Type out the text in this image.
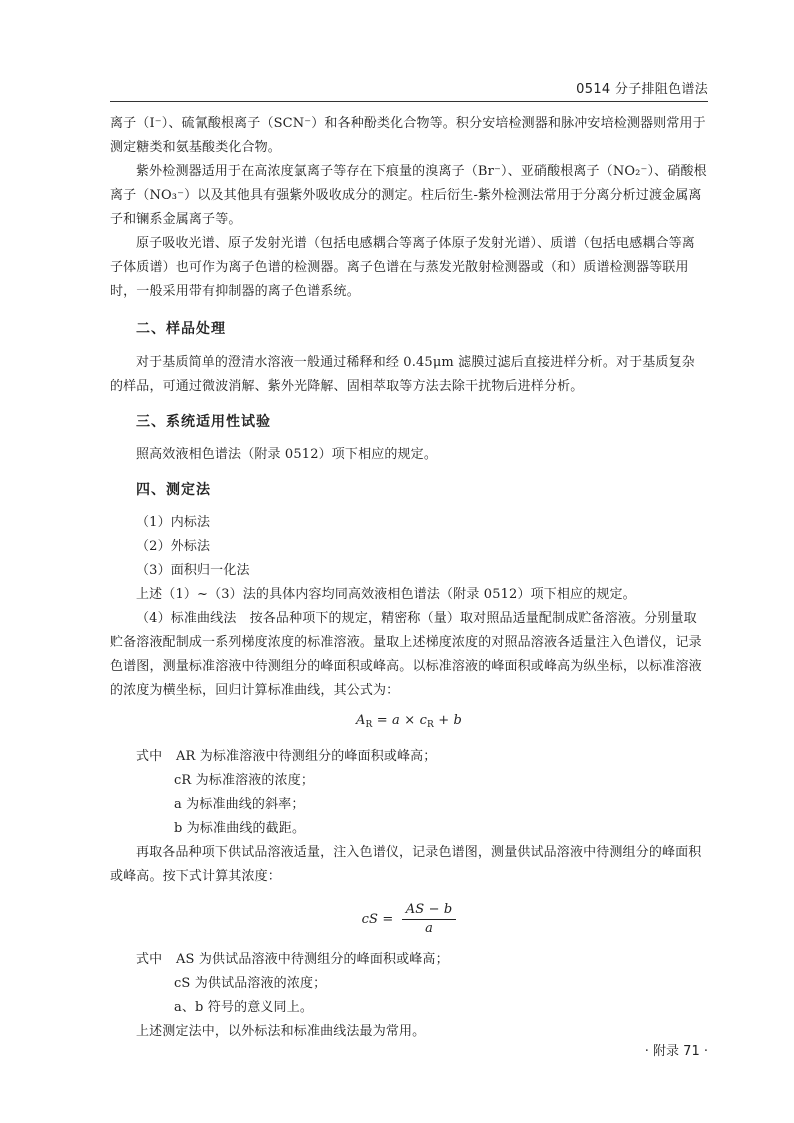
0514 分子排阻色谱法

离子（I⁻）、硫氰酸根离子（SCN⁻）和各种酚类化合物等。积分安培检测器和脉冲安培检测器则常用于测定糖类和氨基酸类化合物。

紫外检测器适用于在高浓度氯离子等存在下痕量的溴离子（Br⁻）、亚硝酸根离子（NO₂⁻）、硝酸根离子（NO₃⁻）以及其他具有强紫外吸收成分的测定。柱后衍生-紫外检测法常用于分离分析过渡金属离子和镧系金属离子等。

原子吸收光谱、原子发射光谱（包括电感耦合等离子体原子发射光谱）、质谱（包括电感耦合等离子体质谱）也可作为离子色谱的检测器。离子色谱在与蒸发光散射检测器或（和）质谱检测器等联用时，一般采用带有抑制器的离子色谱系统。

二、样品处理

对于基质简单的澄清水溶液一般通过稀释和经 0.45μm 滤膜过滤后直接进样分析。对于基质复杂的样品，可通过微波消解、紫外光降解、固相萃取等方法去除干扰物后进样分析。

三、系统适用性试验

照高效液相色谱法（附录 0512）项下相应的规定。

四、测定法

（1）内标法

（2）外标法

（3）面积归一化法

上述（1）~（3）法的具体内容均同高效液相色谱法（附录 0512）项下相应的规定。

（4）标准曲线法　按各品种项下的规定，精密称（量）取对照品适量配制成贮备溶液。分别量取贮备溶液配制成一系列梯度浓度的标准溶液。量取上述梯度浓度的对照品溶液各适量注入色谱仪，记录色谱图，测量标准溶液中待测组分的峰面积或峰高。以标准溶液的峰面积或峰高为纵坐标，以标准溶液的浓度为横坐标，回归计算标准曲线，其公式为：

$A_R = a \times c_R + b$

式中 AR 为标准溶液中待测组分的峰面积或峰高；

cR 为标准溶液的浓度；

a 为标准曲线的斜率；

b 为标准曲线的截距。

再取各品种项下供试品溶液适量，注入色谱仪，记录色谱图，测量供试品溶液中待测组分的峰面积或峰高。按下式计算其浓度：

cS = $\frac{AS - b}{a}$

式中 AS 为供试品溶液中待测组分的峰面积或峰高；

cS 为供试品溶液的浓度；

a、b 符号的意义同上。

上述测定法中，以外标法和标准曲线法最为常用。

· 附录 71 ·
